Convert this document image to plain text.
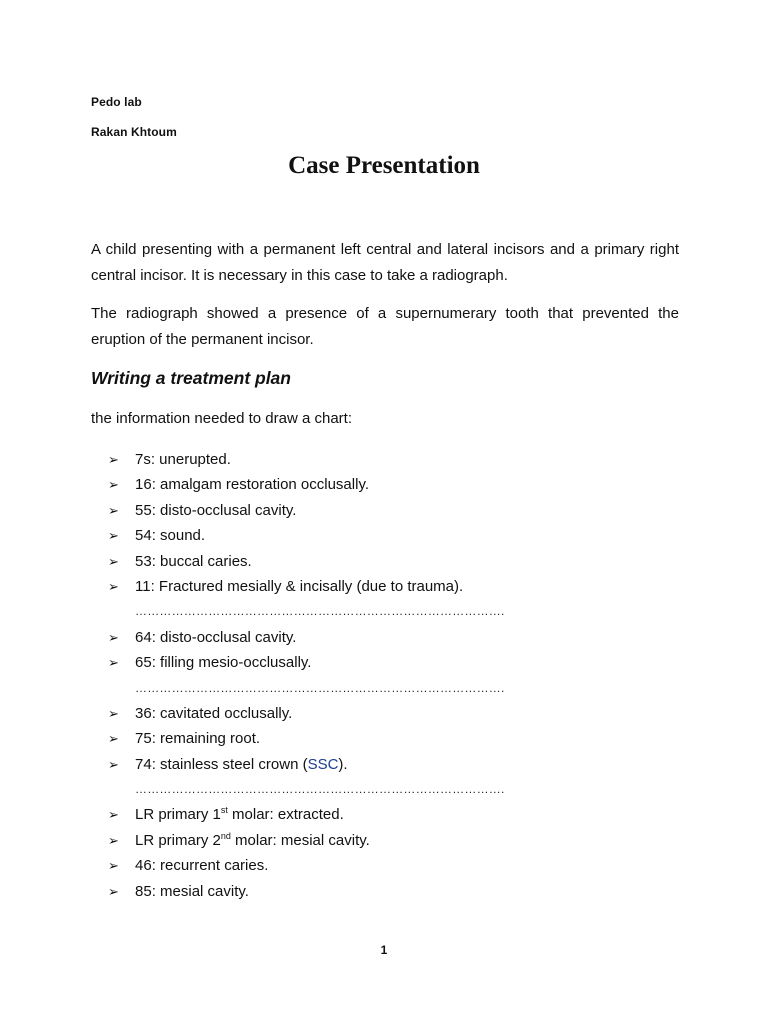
Pedo lab
Rakan Khtoum
Case Presentation
A child presenting with a permanent left central and lateral incisors and a primary right central incisor. It is necessary in this case to take a radiograph.
The radiograph showed a presence of a supernumerary tooth that prevented the eruption of the permanent incisor.
Writing a treatment plan
the information needed to draw a chart:
➢ 7s: unerupted.
➢ 16: amalgam restoration occlusally.
➢ 55: disto-occlusal cavity.
➢ 54: sound.
➢ 53: buccal caries.
➢ 11: Fractured mesially & incisally (due to trauma).
……………………………………………………………………………….
➢ 64: disto-occlusal cavity.
➢ 65: filling mesio-occlusally.
……………………………………………………………………………….
➢ 36: cavitated occlusally.
➢ 75: remaining root.
➢ 74: stainless steel crown (SSC).
……………………………………………………………………………….
➢ LR primary 1st molar: extracted.
➢ LR primary 2nd molar: mesial cavity.
➢ 46: recurrent caries.
➢ 85: mesial cavity.
1
